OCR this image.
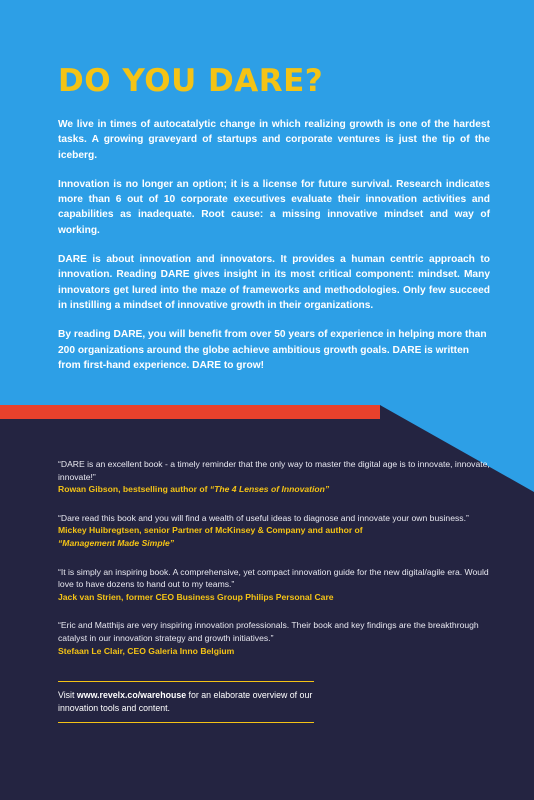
DO YOU DARE?

We live in times of autocatalytic change in which realizing growth is one of the hardest tasks. A growing graveyard of startups and corporate ventures is just the tip of the iceberg.

Innovation is no longer an option; it is a license for future survival. Research indicates more than 6 out of 10 corporate executives evaluate their innovation activities and capabilities as inadequate. Root cause: a missing innovative mindset and way of working.

DARE is about innovation and innovators. It provides a human centric approach to innovation. Reading DARE gives insight in its most critical component: mindset. Many innovators get lured into the maze of frameworks and methodologies. Only few succeed in instilling a mindset of innovative growth in their organizations.

By reading DARE, you will benefit from over 50 years of experience in helping more than 200 organizations around the globe achieve ambitious growth goals. DARE is written from first-hand experience. DARE to grow!

“DARE is an excellent book - a timely reminder that the only way to master the digital age is to innovate, innovate, innovate!”

Rowan Gibson, bestselling author of “The 4 Lenses of Innovation”

“Dare read this book and you will find a wealth of useful ideas to diagnose and innovate your own business.”

Mickey Huibregtsen, senior Partner of McKinsey & Company and author of
“Management Made Simple”

“It is simply an inspiring book. A comprehensive, yet compact innovation guide for the new digital/agile era. Would love to have dozens to hand out to my teams.”

Jack van Strien, former CEO Business Group Philips Personal Care

“Eric and Matthijs are very inspiring innovation professionals. Their book and key findings are the breakthrough catalyst in our innovation strategy and growth initiatives.”

Stefaan Le Clair, CEO Galeria Inno Belgium

Visit www.revelx.co/warehouse for an elaborate overview of our innovation tools and content.
